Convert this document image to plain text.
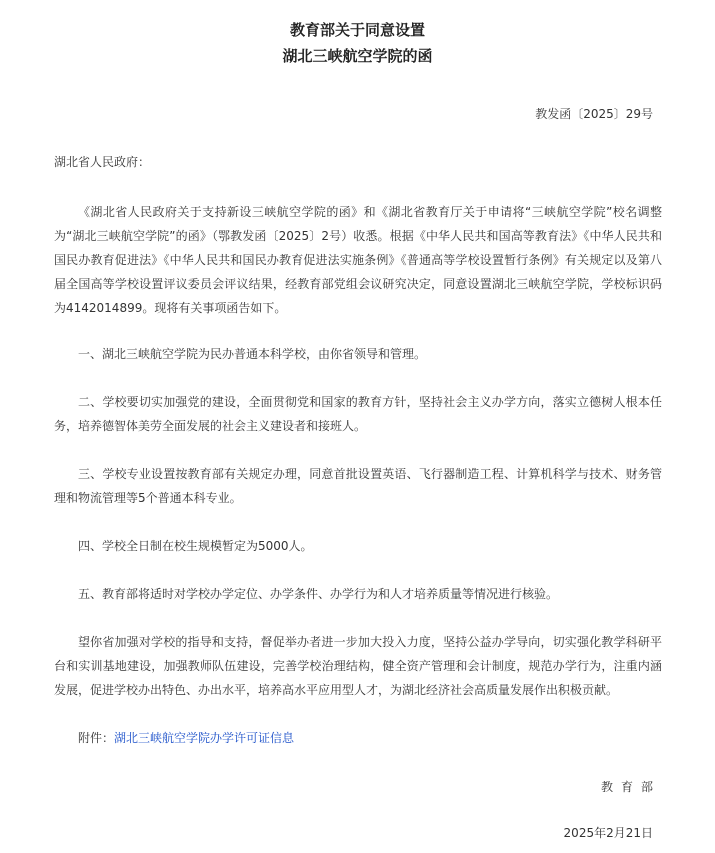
教育部关于同意设置
湖北三峡航空学院的函
教发函〔2025〕29号

湖北省人民政府：

《湖北省人民政府关于支持新设三峡航空学院的函》和《湖北省教育厅关于申请将“三峡航空学院”校名调整为“湖北三峡航空学院”的函》（鄂教发函〔2025〕2号）收悉。根据《中华人民共和国高等教育法》《中华人民共和国民办教育促进法》《中华人民共和国民办教育促进法实施条例》《普通高等学校设置暂行条例》有关规定以及第八届全国高等学校设置评议委员会评议结果，经教育部党组会议研究决定，同意设置湖北三峡航空学院，学校标识码为4142014899。现将有关事项函告如下。

一、湖北三峡航空学院为民办普通本科学校，由你省领导和管理。

二、学校要切实加强党的建设，全面贯彻党和国家的教育方针，坚持社会主义办学方向，落实立德树人根本任务，培养德智体美劳全面发展的社会主义建设者和接班人。

三、学校专业设置按教育部有关规定办理，同意首批设置英语、飞行器制造工程、计算机科学与技术、财务管理和物流管理等5个普通本科专业。

四、学校全日制在校生规模暂定为5000人。

五、教育部将适时对学校办学定位、办学条件、办学行为和人才培养质量等情况进行核验。

望你省加强对学校的指导和支持，督促举办者进一步加大投入力度，坚持公益办学导向，切实强化教学科研平台和实训基地建设，加强教师队伍建设，完善学校治理结构，健全资产管理和会计制度，规范办学行为，注重内涵发展，促进学校办出特色、办出水平，培养高水平应用型人才，为湖北经济社会高质量发展作出积极贡献。

附件：湖北三峡航空学院办学许可证信息

教育部
2025年2月21日
